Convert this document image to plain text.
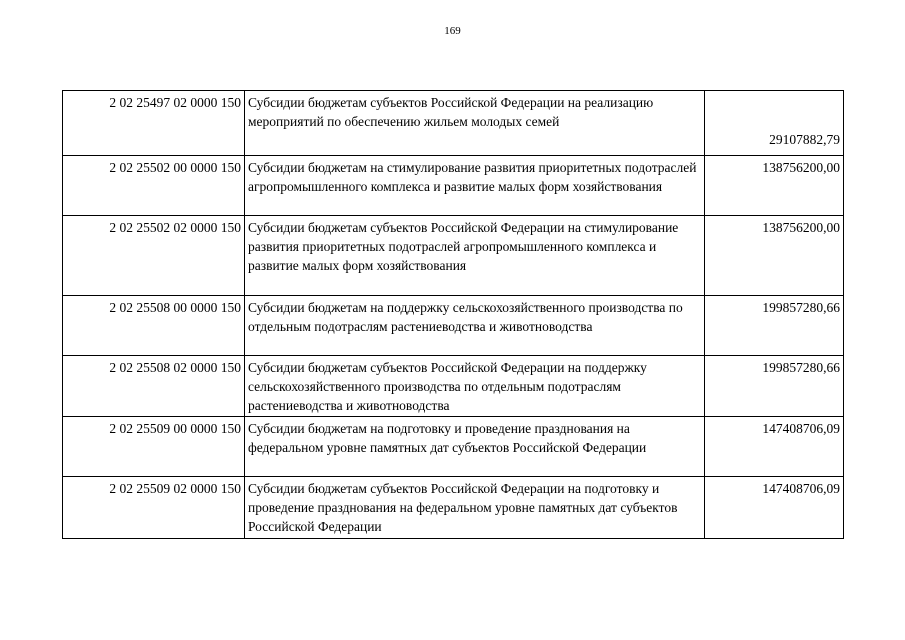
169
2 02 25497 02 0000 150	Субсидии бюджетам субъектов Российской Федерации на реализацию мероприятий по обеспечению жильем молодых семей	29107882,79
2 02 25502 00 0000 150	Субсидии бюджетам на стимулирование развития приоритетных подотраслей агропромышленного комплекса и развитие малых форм хозяйствования	138756200,00
2 02 25502 02 0000 150	Субсидии бюджетам субъектов Российской Федерации на стимулирование развития приоритетных подотраслей агропромышленного комплекса и развитие малых форм хозяйствования	138756200,00
2 02 25508 00 0000 150	Субсидии бюджетам на поддержку сельскохозяйственного производства по отдельным подотраслям растениеводства и животноводства	199857280,66
2 02 25508 02 0000 150	Субсидии бюджетам субъектов Российской Федерации на поддержку сельскохозяйственного производства по отдельным подотраслям растениеводства и животноводства	199857280,66
2 02 25509 00 0000 150	Субсидии бюджетам на подготовку и проведение празднования на федеральном уровне памятных дат субъектов Российской Федерации	147408706,09
2 02 25509 02 0000 150	Субсидии бюджетам субъектов Российской Федерации на подготовку и проведение празднования на федеральном уровне памятных дат субъектов Российской Федерации	147408706,09
